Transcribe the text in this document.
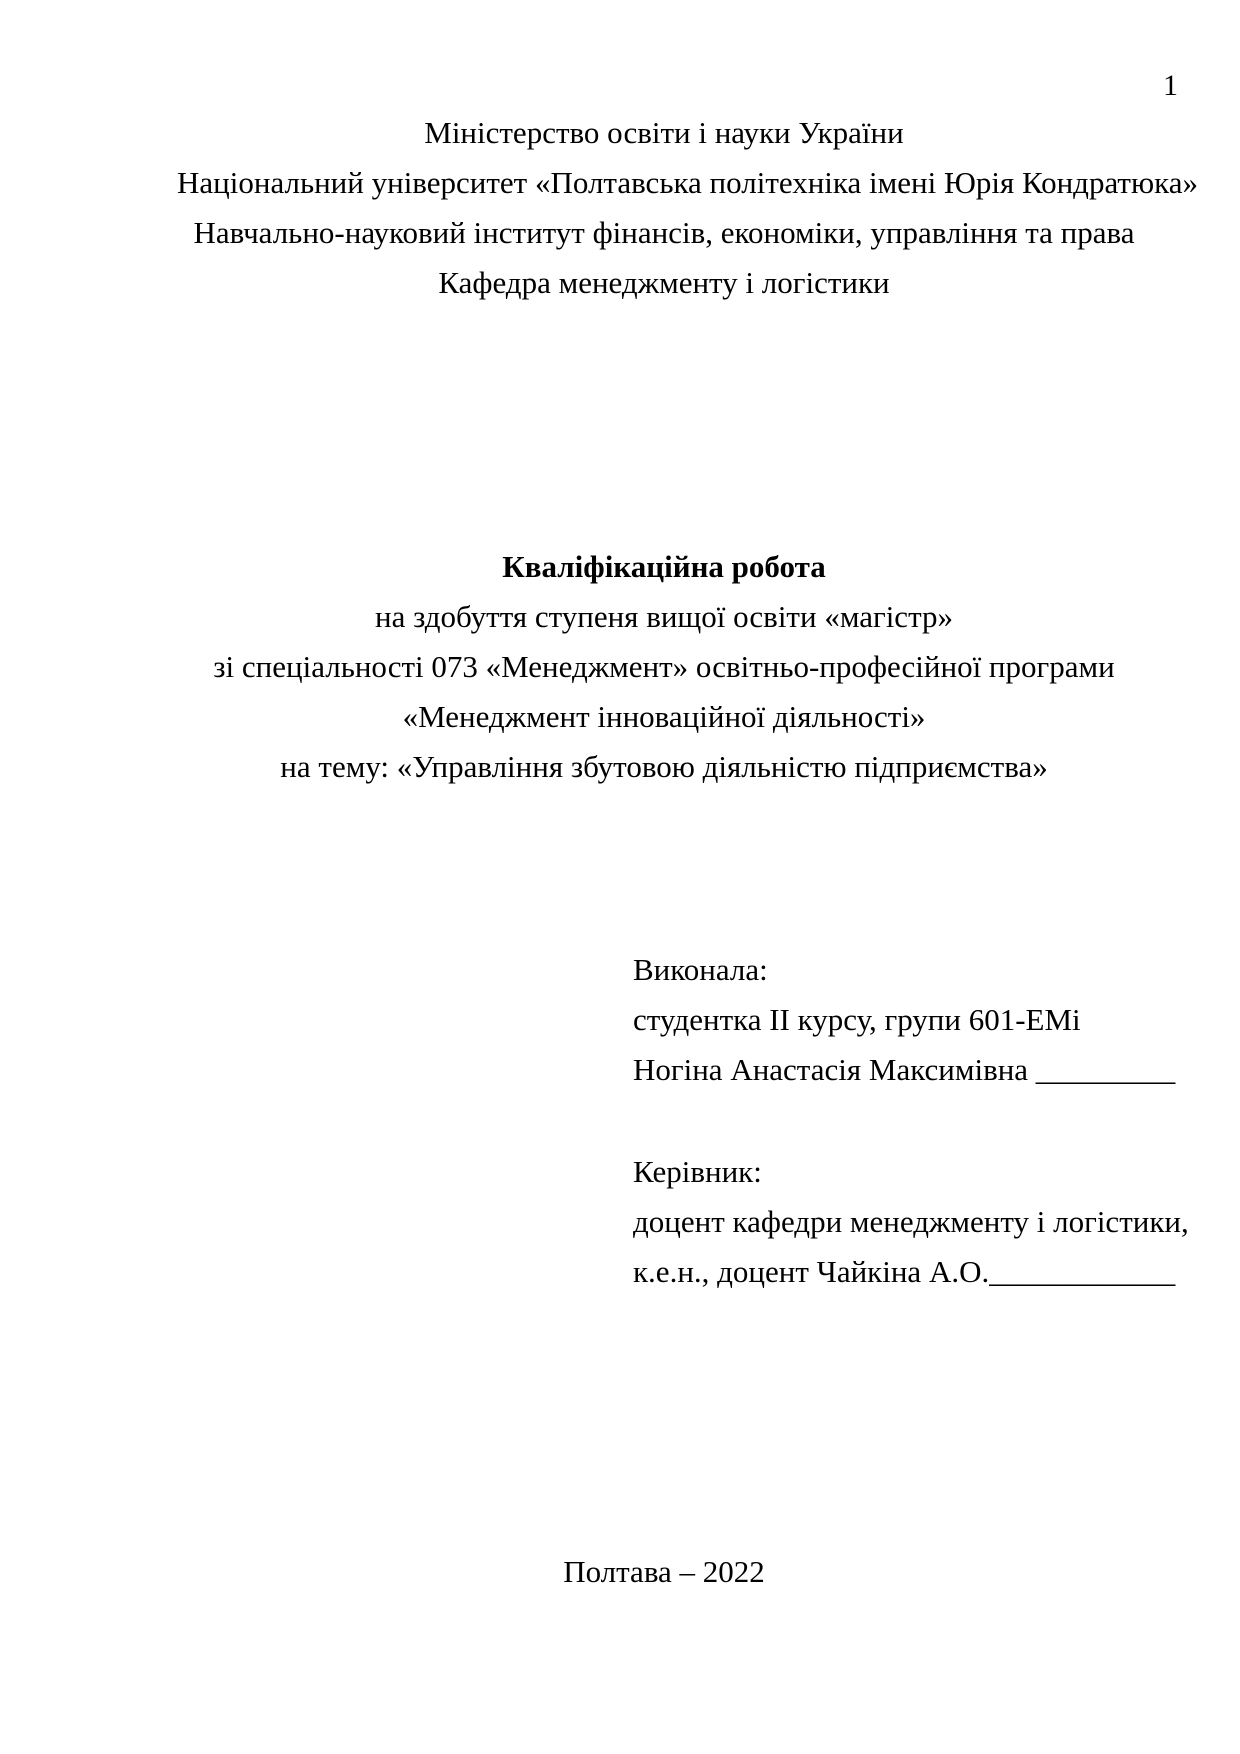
1
Міністерство освіти і науки України
Національний університет «Полтавська політехніка імені Юрія Кондратюка»
Навчально-науковий інститут фінансів, економіки, управління та права
Кафедра менеджменту і логістики
Кваліфікаційна робота
на здобуття ступеня вищої освіти «магістр»
зі спеціальності 073 «Менеджмент» освітньо-професійної програми
«Менеджмент інноваційної діяльності»
на тему: «Управління збутовою діяльністю підприємства»
Виконала:
студентка ІІ курсу, групи 601-ЕМі
Ногіна Анастасія Максимівна _________
Керівник:
доцент кафедри менеджменту і логістики,
к.е.н., доцент Чайкіна А.О.____________
Полтава – 2022
